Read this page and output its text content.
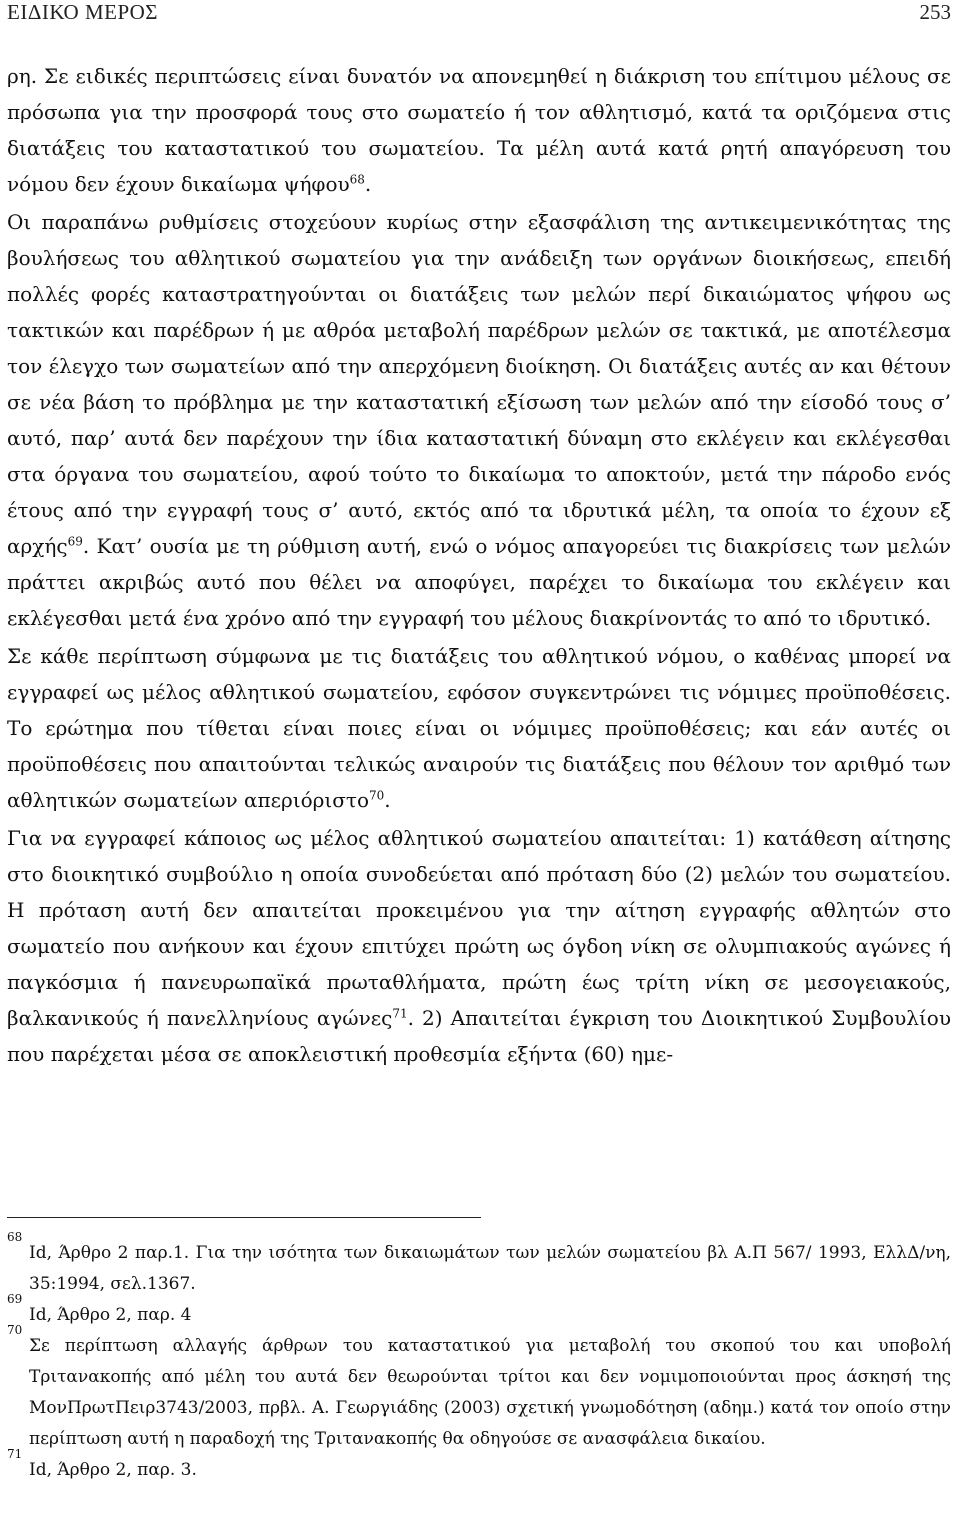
ΕΙΔΙΚΟ ΜΕΡΟΣ	253

ρη. Σε ειδικές περιπτώσεις είναι δυνατόν να απονεμηθεί η διάκριση του επίτιμου μέλους σε πρόσωπα για την προσφορά τους στο σωματείο ή τον αθλητισμό, κατά τα οριζόμενα στις διατάξεις του καταστατικού του σωματείου. Τα μέλη αυτά κατά ρητή απαγόρευση του νόμου δεν έχουν δικαίωμα ψήφου$^{68}$.

Οι παραπάνω ρυθμίσεις στοχεύουν κυρίως στην εξασφάλιση της αντικειμενικότητας της βουλήσεως του αθλητικού σωματείου για την ανάδειξη των οργάνων διοικήσεως, επειδή πολλές φορές καταστρατηγούνται οι διατάξεις των μελών περί δικαιώματος ψήφου ως τακτικών και παρέδρων ή με αθρόα μεταβολή παρέδρων μελών σε τακτικά, με αποτέλεσμα τον έλεγχο των σωματείων από την απερχόμενη διοίκηση. Οι διατάξεις αυτές αν και θέτουν σε νέα βάση το πρόβλημα με την καταστατική εξίσωση των μελών από την είσοδό τους σ’ αυτό, παρ’ αυτά δεν παρέχουν την ίδια καταστατική δύναμη στο εκλέγειν και εκλέγεσθαι στα όργανα του σωματείου, αφού τούτο το δικαίωμα το αποκτούν, μετά την πάροδο ενός έτους από την εγγραφή τους σ’ αυτό, εκτός από τα ιδρυτικά μέλη, τα οποία το έχουν εξ αρχής$^{69}$. Κατ’ ουσία με τη ρύθμιση αυτή, ενώ ο νόμος απαγορεύει τις διακρίσεις των μελών πράττει ακριβώς αυτό που θέλει να αποφύγει, παρέχει το δικαίωμα του εκλέγειν και εκλέγεσθαι μετά ένα χρόνο από την εγγραφή του μέλους διακρίνοντάς το από το ιδρυτικό.

Σε κάθε περίπτωση σύμφωνα με τις διατάξεις του αθλητικού νόμου, ο καθένας μπορεί να εγγραφεί ως μέλος αθλητικού σωματείου, εφόσον συγκεντρώνει τις νόμιμες προϋποθέσεις. Το ερώτημα που τίθεται είναι ποιες είναι οι νόμιμες προϋποθέσεις; και εάν αυτές οι προϋποθέσεις που απαιτούνται τελικώς αναιρούν τις διατάξεις που θέλουν τον αριθμό των αθλητικών σωματείων απεριόριστο$^{70}$.

Για να εγγραφεί κάποιος ως μέλος αθλητικού σωματείου απαιτείται: 1) κατάθεση αίτησης στο διοικητικό συμβούλιο η οποία συνοδεύεται από πρόταση δύο (2) μελών του σωματείου. Η πρόταση αυτή δεν απαιτείται προκειμένου για την αίτηση εγγραφής αθλητών στο σωματείο που ανήκουν και έχουν επιτύχει πρώτη ως όγδοη νίκη σε ολυμπιακούς αγώνες ή παγκόσμια ή πανευρωπαϊκά πρωταθλήματα, πρώτη έως τρίτη νίκη σε μεσογειακούς, βαλκανικούς ή πανελληνίους αγώνες$^{71}$. 2) Απαιτείται έγκριση του Διοικητικού Συμβουλίου που παρέχεται μέσα σε αποκλειστική προθεσμία εξήντα (60) ημε-

68
Id, Άρθρο 2 παρ.1. Για την ισότητα των δικαιωμάτων των μελών σωματείου βλ Α.Π 567/ 1993, ΕλλΔ/νη, 35:1994, σελ.1367.
69
Id, Άρθρο 2, παρ. 4
70
Σε περίπτωση αλλαγής άρθρων του καταστατικού για μεταβολή του σκοπού του και υποβολή Τριτανακοπής από μέλη του αυτά δεν θεωρούνται τρίτοι και δεν νομιμοποιούνται προς άσκησή της ΜονΠρωτΠειρ3743/2003, πρβλ. Α. Γεωργιάδης (2003) σχετική γνωμοδότηση (αδημ.) κατά τον οποίο στην περίπτωση αυτή η παραδοχή της Τριτανακοπής θα οδηγούσε σε ανασφάλεια δικαίου.
71
Id, Άρθρο 2, παρ. 3.
